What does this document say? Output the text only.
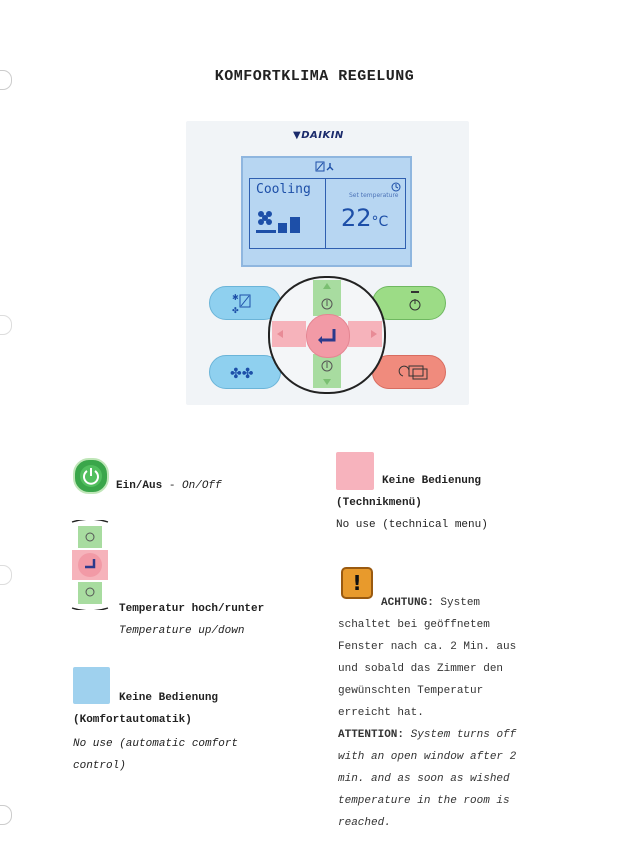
KOMFORTKLIMA REGELUNG
▼DAIKIN
Cooling	Set temperature
22°C
✱
✤
✤✤
Ein/Aus - On/Off
Temperatur hoch/runter
Temperature up/down
Keine Bedienung
(Komfortautomatik)
No use (automatic comfort
control)
Keine Bedienung
(Technikmenü)
No use (technical menu)
!
ACHTUNG: System
schaltet bei geöffnetem
Fenster nach ca. 2 Min. aus
und sobald das Zimmer den
gewünschten Temperatur
erreicht hat.
ATTENTION: System turns off
with an open window after 2
min. and as soon as wished
temperature in the room is
reached.
